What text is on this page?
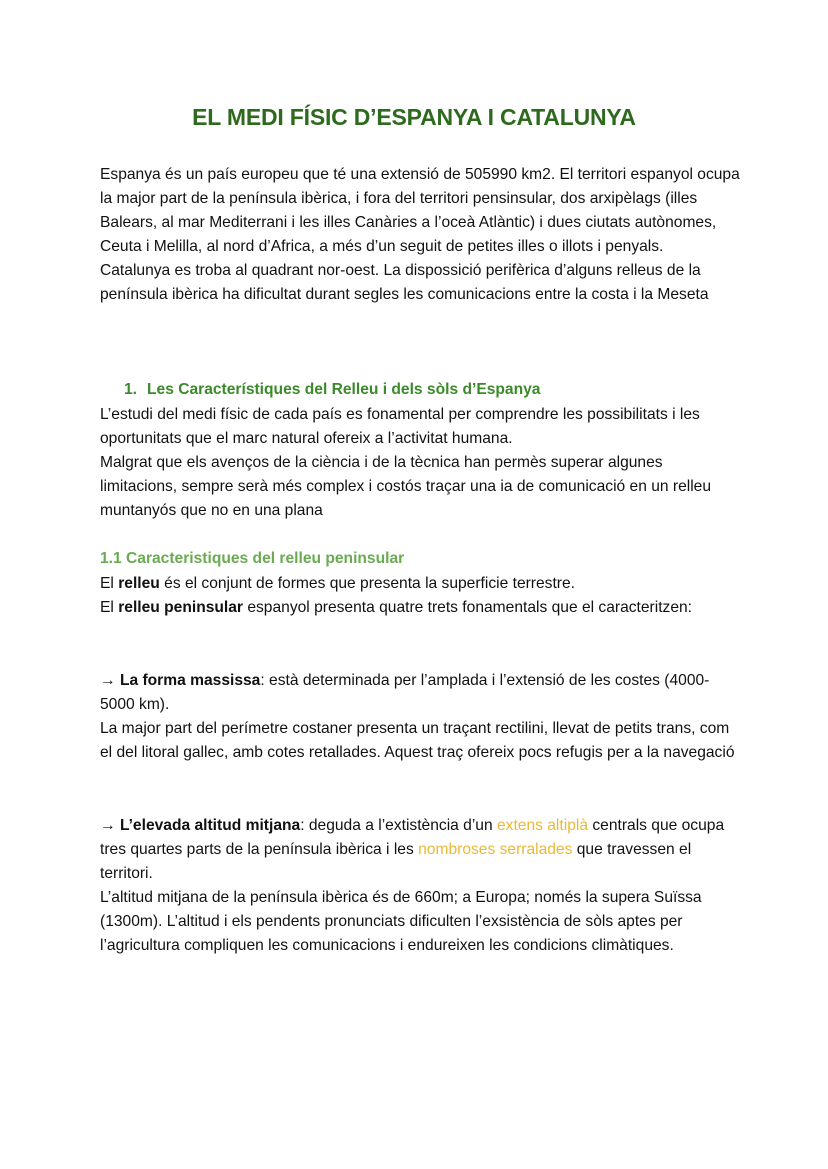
EL MEDI FÍSIC D’ESPANYA I CATALUNYA

Espanya és un país europeu que té una extensió de 505990 km2. El territori espanyol ocupa la major part de la península ibèrica, i fora del territori pensinsular, dos arxipèlags (illes Balears, al mar Mediterrani i les illes Canàries a l’oceà Atlàntic) i dues ciutats autònomes, Ceuta i Melilla, al nord d’Africa, a més d’un seguit de petites illes o illots i penyals.

Catalunya es troba al quadrant nor-oest. La dispossició perifèrica d’alguns relleus de la península ibèrica ha dificultat durant segles les comunicacions entre la costa i la Meseta

1. Les Característiques del Relleu i dels sòls d’Espanya

L’estudi del medi físic de cada país es fonamental per comprendre les possibilitats i les oportunitats que el marc natural ofereix a l’activitat humana.

Malgrat que els avenços de la ciència i de la tècnica han permès superar algunes limitacions, sempre serà més complex i costós traçar una ia de comunicació en un relleu muntanyós que no en una plana

1.1 Caracteristiques del relleu peninsular

El relleu és el conjunt de formes que presenta la superficie terrestre.

El relleu peninsular espanyol presenta quatre trets fonamentals que el caracteritzen:

→ La forma massissa: està determinada per l’amplada i l’extensió de les costes (4000-5000 km).

La major part del perímetre costaner presenta un traçant rectilini, llevat de petits trans, com el del litoral gallec, amb cotes retallades. Aquest traç ofereix pocs refugis per a la navegació

→ L’elevada altitud mitjana: deguda a l’extistència d’un extens altiplà centrals que ocupa tres quartes parts de la península ibèrica i les nombroses serralades que travessen el territori.

L’altitud mitjana de la península ibèrica és de 660m; a Europa; només la supera Suïssa (1300m). L’altitud i els pendents pronunciats dificulten l’exsistència de sòls aptes per l’agricultura compliquen les comunicacions i endureixen les condicions climàtiques.
